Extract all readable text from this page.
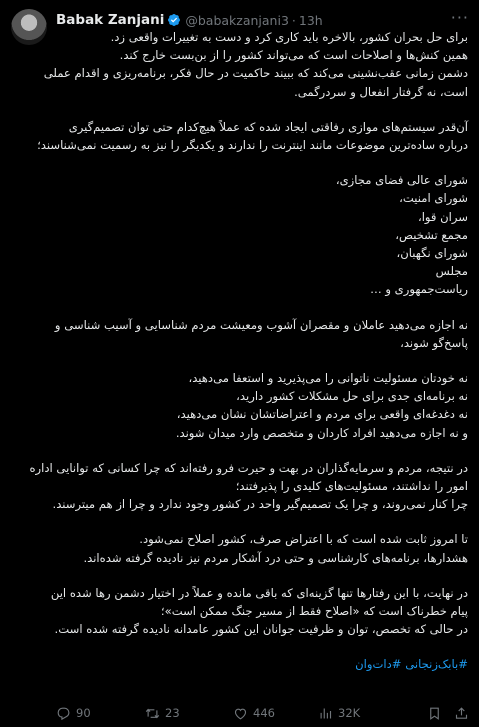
Babak Zanjani @babakzanjani3 · 13h	···
برای حل بحران کشور، بالاخره باید کاری کرد و دست به تغییرات واقعی زد.
همین کنش‌ها و اصلاحات است که می‌تواند کشور را از بن‌بست خارج کند.
دشمن زمانی عقب‌نشینی می‌کند که ببیند حاکمیت در حال فکر، برنامه‌ریزی و اقدام عملی
است، نه گرفتار انفعال و سردرگمی.
آن‌قدر سیستم‌های موازی رفاقتی ایجاد شده که عملاً هیچ‌کدام حتی توان تصمیم‌گیری
درباره ساده‌ترین موضوعات مانند اینترنت را ندارند و یکدیگر را نیز به رسمیت نمی‌شناسند؛
شورای عالی فضای مجازی،
شورای امنیت،
سران قوا،
مجمع تشخیص،
شورای نگهبان،
مجلس
ریاست‌جمهوری و …
نه اجازه می‌دهید عاملان و مقصران آشوب ومعیشت مردم شناسایی و آسیب شناسی و
پاسخ‌گو شوند،
نه خودتان مسئولیت ناتوانی را می‌پذیرید و استعفا می‌دهید،
نه برنامه‌ای جدی برای حل مشکلات کشور دارید،
نه دغدغه‌ای واقعی برای مردم و اعتراضاتشان نشان می‌دهید،
و نه اجازه می‌دهید افراد کاردان و متخصص وارد میدان شوند.
در نتیجه، مردم و سرمایه‌گذاران در بهت و حیرت فرو رفته‌اند که چرا کسانی که توانایی اداره
امور را نداشتند، مسئولیت‌های کلیدی را پذیرفتند؛
چرا کنار نمی‌روند، و چرا یک تصمیم‌گیر واحد در کشور وجود ندارد و چرا از هم میترسند.
تا امروز ثابت شده است که با اعتراض صرف، کشور اصلاح نمی‌شود.
هشدارها، برنامه‌های کارشناسی و حتی درد آشکار مردم نیز نادیده گرفته شده‌اند.
در نهایت، با این رفتارها تنها گزینه‌ای که باقی مانده و عملاً در اختیار دشمن رها شده این
پیام خطرناک است که «اصلاح فقط از مسیر جنگ ممکن است»؛
در حالی که تخصص، توان و ظرفیت جوانان این کشور عامدانه نادیده گرفته شده است.
#بابک‌زنجانی #دات‌وان
90	23	446	32K
